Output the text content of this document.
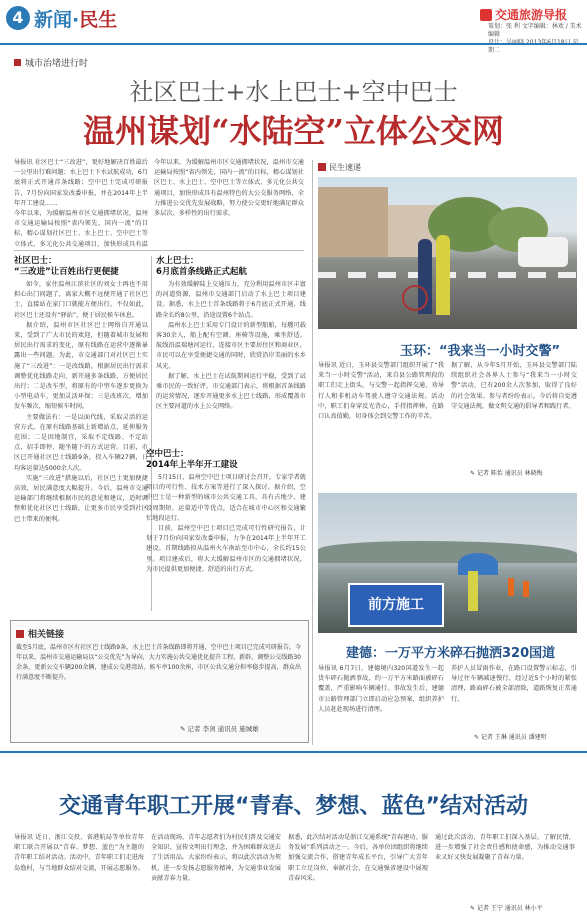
4 新闻·民生	交通旅游导报
策划：张 利 文字编辑：林欢 / 美术编辑
期二
城市治堵进行时
社区巴士+水上巴士+空中巴士
温州谋划“水陆空”立体公交网
导报讯 社区巴士“三改进”，更好地解决百姓最后一公里出行难问题；水上巴士下水试航成功，6月底将正式开通首条线路；空中巴士完成可研报告，7月份向国家发改委申报，并在2014年上半年开工建设……
今年以来，为缓解温州市区交通拥堵状况，温州市交通运输局按照“省内领先、国内一流”的目标，精心谋划社区巴士、水上巴士、空中巴士等立体式、多元化公共交通项目，加快形成具有温
今年以来，为缓解温州市区交通拥堵状况，温州市交通运输局按照“省内领先、国内一流”的目标，精心谋划社区巴士、水上巴士、空中巴士等立体式、多元化公共交通项目，加快形成具有温州特色的大公交服务网络，全力推进公交优先发展战略，努力使公交更好地满足群众多层次、多样性的出行需求。
社区巴士：
“三改进”让百姓出行更便捷

如今，家住温州江滨社区的刘女士再也不用担心出门问题了，离家大概不远便开通了社区巴士，直接站在家门口就能方便出行。不仅如此，社区巴士还设有“驿站”，便于居民候车休息。

据介绍，温州市区社区巴士网络自开通以来，受到了广大市民的欢迎，但随着城市发展和居民出行需求的变化，原有线路在运营中逐渐暴露出一些问题。为此，市交通部门对社区巴士实施了“三改进”：一是改线路，根据居民出行需求调整优化线路走向，新开通多条线路，方便居民出行；二是改车型，将原有的中型车逐步更换为小型电动车，更加灵活环保；三是改班次，增加发车频次，缩短候车时间。

主要做法有：一是以面代线，采取灵活的运营方式。在原有线路基础上新增站点，延伸服务范围；二是因地制宜，采取不定线路、不定站点、招手即停、随坐随下的方式运营。目前，市区已开通社区巴士线路9条，投入车辆27辆，日均客运量达5000余人次。

实施“三改进”措施以后，社区巴士更加便捷高效，居民满意度大幅提升。今后，温州市交通运输部门将继续根据市民的意见和建议，适时调整和优化社区巴士线路，让更多市民享受到社区巴士带来的便利。

水上巴士：
6月底首条线路正式起航

为有效缓解陆上交通压力，充分利用温州市区丰富的河道资源，温州市交通部门启动了水上巴士项目建设。据悉，水上巴士首条线路将于6月底正式开通，线路全长约8公里，沿途设置6个站点。

温州水上巴士采用专门设计的新型船舶，每艘可载客30余人，船上配有空调、座椅等设施，乘坐舒适。航线沿温瑞塘河运行，连接市区主要居住区和商业区，市民可以在享受便捷交通的同时，欣赏沿岸美丽的水乡风光。

据了解，水上巴士在试航期间运行平稳，受到了试乘市民的一致好评。市交通部门表示，将根据首条线路的运营情况，逐步开通更多水上巴士线路，形成覆盖市区主要河道的水上公交网络。

空中巴士：
2014年上半年开工建设

5月15日，温州空中巴士项目研讨会召开，专家学者就项目的可行性、技术方案等进行了深入探讨。据介绍，空中巴士是一种新型的城市公共交通工具，具有占地少、建设周期短、运量适中等优点，适合在城市中心区和交通繁忙地段运行。

目前，温州空中巴士项目已完成可行性研究报告，计划于7月份向国家发改委申报，力争在2014年上半年开工建设。首期线路拟从温州火车南站至市中心，全长约15公里。项目建成后，将大大缓解温州市区的交通拥堵状况，为市民提供更加便捷、舒适的出行方式。

相关链接
截至5月底，温州市区有社区巴士线路9条，水上巴士首条线路即将开通，空中巴士项目已完成可研报告。今年以来，温州市交通运输局以“公交优先”为导向，大力实施公共交通优化提升工程，新辟、调整公交线路30余条，更新公交车辆200余辆，建成公交港湾站、候车亭100余座，市区公共交通分担率稳步提高，群众出行满意度不断提升。
✎ 记者 李剑 通讯员 施城雄
民生速递
玉环：“我来当一小时交警”
导报讯 近日，玉环县交警部门组织开展了“我来当一小时交警”活动，来自县公路管理段的职工们走上街头，与交警一起指挥交通、劝导行人和非机动车驾驶人遵守交通法规。活动中，职工们身穿反光背心，手持指挥棒，在路口认真值勤，切身体会到交警工作的辛苦。
据了解，从今年5月开始，玉环县交警部门陆续组织社会各界人士参与“我来当一小时交警”活动，已有200余人次参加，取得了良好的社会效果。参与者纷纷表示，今后将自觉遵守交通法规，做文明交通的倡导者和践行者。
✎ 记者 陈怡 通讯员 林晓梅
前方施工
建德：一万平方米碎石抛洒320国道
导报讯 6月7日，建德境内320国道发生一起货车碎石抛洒事故，约一万平方米路面被碎石覆盖，严重影响车辆通行。事故发生后，建德市公路管理部门立即启动应急预案，组织养护人员赶赴现场进行清理。
养护人员冒雨作业，在路口设置警示标志，引导过往车辆减速慢行，经过近5个小时的紧张清理，路面碎石被全部清除，道路恢复正常通行。
✎ 记者 王琳 通讯员 潘建明
交通青年职工开展“青春、梦想、蓝色”结对活动
导报讯 近日，浙江交投、省港航局等单位青年职工联合开展以“青春、梦想、蓝色”为主题的青年职工结对活动。活动中，青年职工们走进海岛渔村，与当地群众结对交流，开展志愿服务。
在活动现场，青年志愿者们为村民们普及交通安全知识、宣传文明出行理念，并为困难群众送去了生活用品。大家纷纷表示，将以此次活动为契机，进一步发扬志愿服务精神，为交通事业发展贡献青春力量。
据悉，此次结对活动是浙江交通系统“青春建功、服务发展”系列活动之一。今后，各单位团组织将继续加强交流合作，搭建青年成长平台，引导广大青年职工立足岗位、奉献社会，在交通强省建设中展现青春风采。
通过此次活动，青年职工们深入基层、了解民情，进一步增强了社会责任感和使命感，为推动交通事业又好又快发展凝聚了青春力量。
✎ 记者 王宁 通讯员 林小平
